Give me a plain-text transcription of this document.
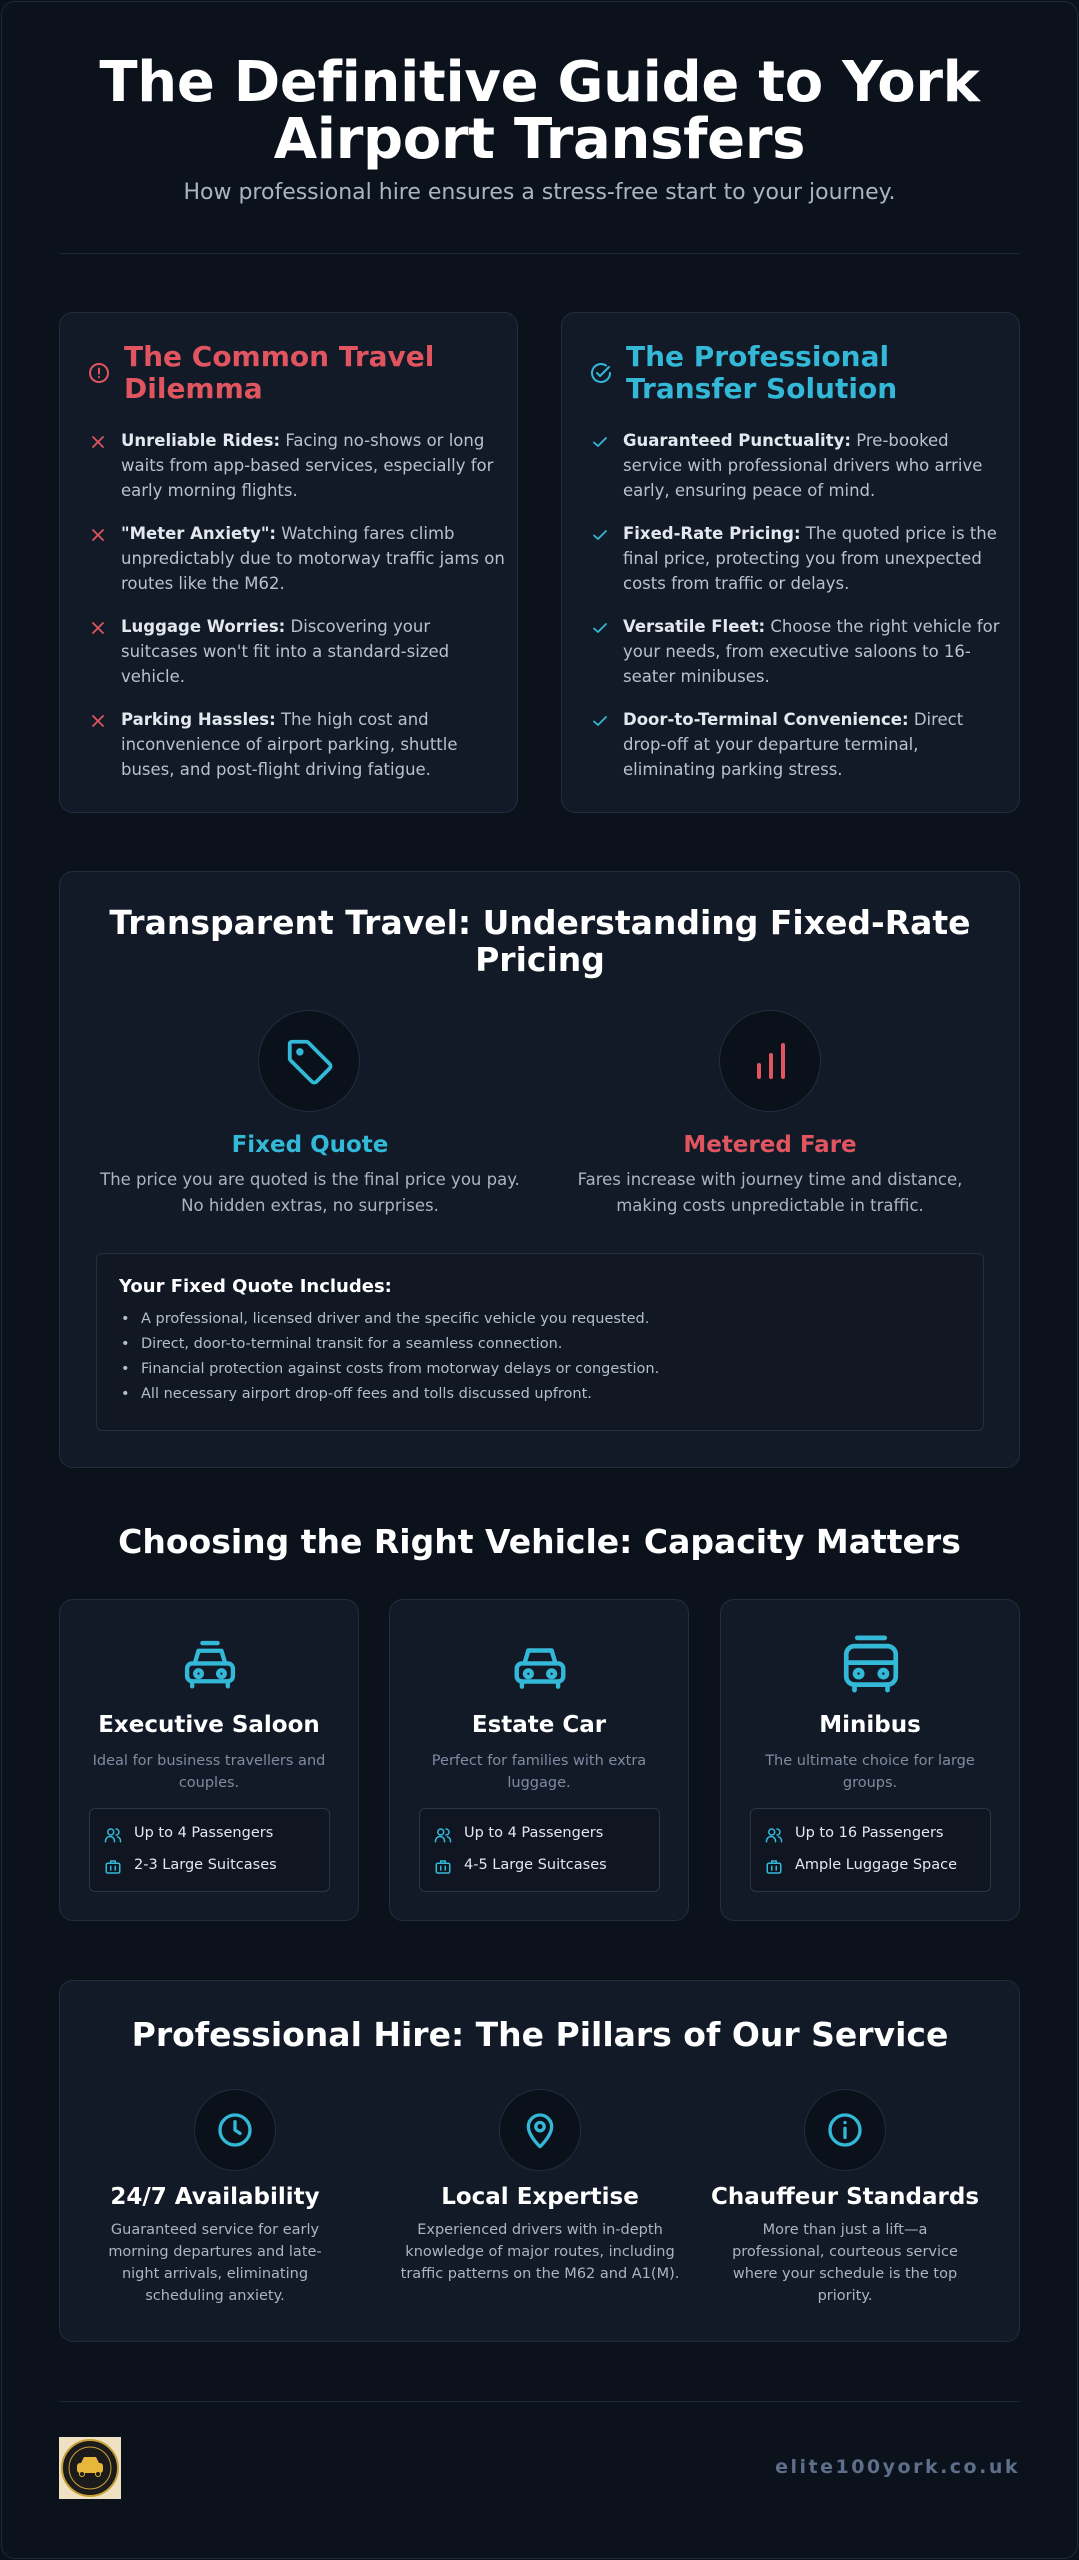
The Definitive Guide to York Airport Transfers
How professional hire ensures a stress-free start to your journey.
The Common Travel Dilemma
Unreliable Rides: Facing no-shows or long waits from app-based services, especially for early morning flights.
"Meter Anxiety": Watching fares climb unpredictably due to motorway traffic jams on routes like the M62.
Luggage Worries: Discovering your suitcases won't fit into a standard-sized vehicle.
Parking Hassles: The high cost and inconvenience of airport parking, shuttle buses, and post-flight driving fatigue.
The Professional Transfer Solution
Guaranteed Punctuality: Pre-booked service with professional drivers who arrive early, ensuring peace of mind.
Fixed-Rate Pricing: The quoted price is the final price, protecting you from unexpected costs from traffic or delays.
Versatile Fleet: Choose the right vehicle for your needs, from executive saloons to 16-seater minibuses.
Door-to-Terminal Convenience: Direct drop-off at your departure terminal, eliminating parking stress.
Transparent Travel: Understanding Fixed-Rate Pricing
Fixed Quote
The price you are quoted is the final price you pay. No hidden extras, no surprises.
Metered Fare
Fares increase with journey time and distance, making costs unpredictable in traffic.
Your Fixed Quote Includes:
• A professional, licensed driver and the specific vehicle you requested.
• Direct, door-to-terminal transit for a seamless connection.
• Financial protection against costs from motorway delays or congestion.
• All necessary airport drop-off fees and tolls discussed upfront.
Choosing the Right Vehicle: Capacity Matters
Executive Saloon
Ideal for business travellers and couples.
Up to 4 Passengers
2-3 Large Suitcases
Estate Car
Perfect for families with extra luggage.
Up to 4 Passengers
4-5 Large Suitcases
Minibus
The ultimate choice for large groups.
Up to 16 Passengers
Ample Luggage Space
Professional Hire: The Pillars of Our Service
24/7 Availability
Guaranteed service for early morning departures and late-night arrivals, eliminating scheduling anxiety.
Local Expertise
Experienced drivers with in-depth knowledge of major routes, including traffic patterns on the M62 and A1(M).
Chauffeur Standards
More than just a lift—a professional, courteous service where your schedule is the top priority.
elite100york.co.uk
